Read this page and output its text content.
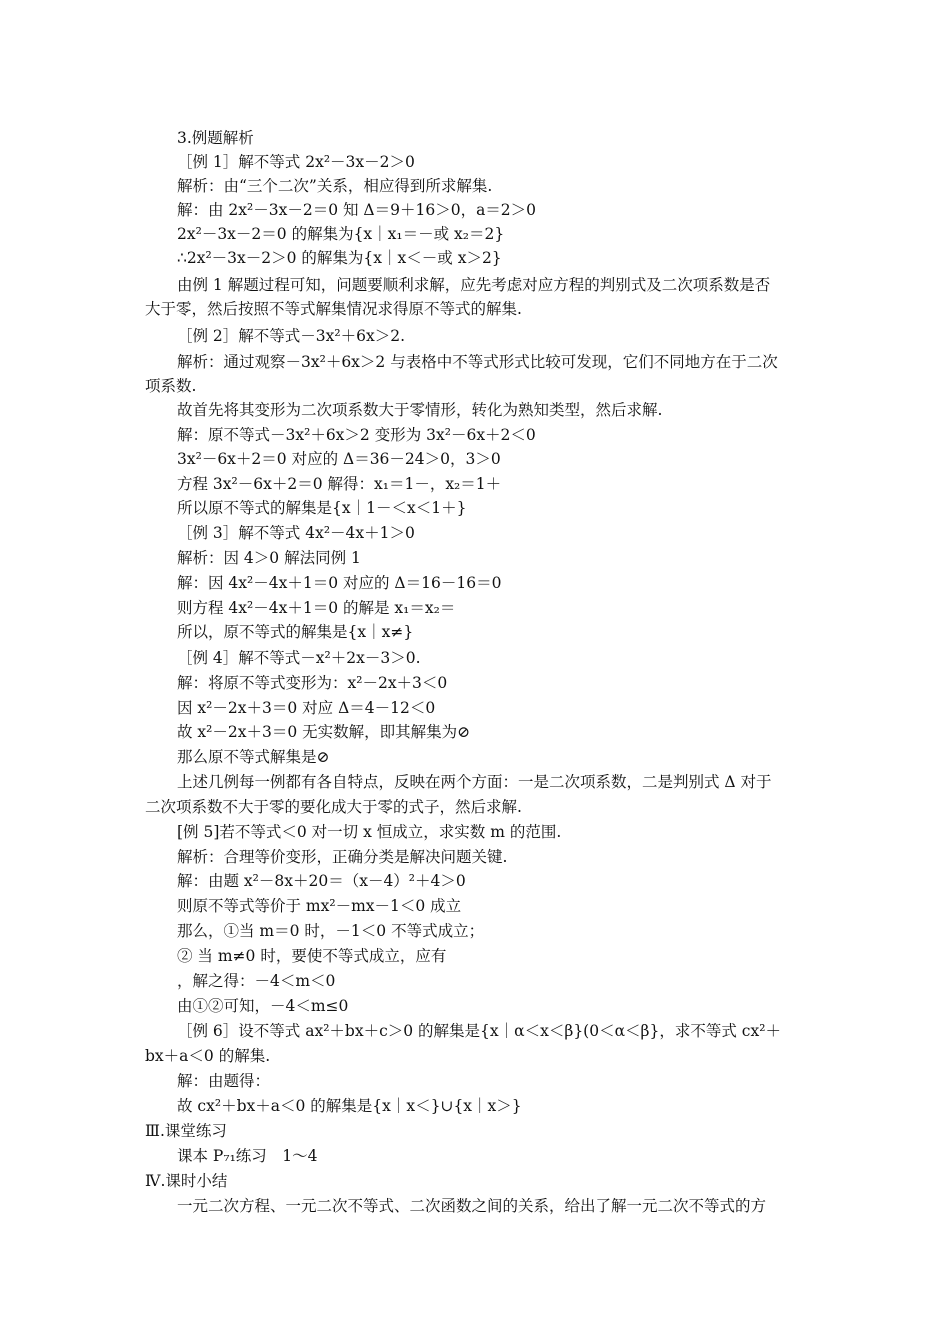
3.例题解析
［例 1］解不等式 2x²－3x－2＞0
解析：由“三个二次”关系，相应得到所求解集.
解：由 2x²－3x－2＝0 知 Δ＝9＋16＞0，a＝2＞0
2x²－3x－2＝0 的解集为{x｜x₁＝－或 x₂＝2}
∴2x²－3x－2＞0 的解集为{x｜x＜－或 x＞2}
由例 1 解题过程可知，问题要顺利求解，应先考虑对应方程的判别式及二次项系数是否
大于零，然后按照不等式解集情况求得原不等式的解集.
［例 2］解不等式－3x²＋6x＞2.
解析：通过观察－3x²＋6x＞2 与表格中不等式形式比较可发现，它们不同地方在于二次
项系数.
故首先将其变形为二次项系数大于零情形，转化为熟知类型，然后求解.
解：原不等式－3x²＋6x＞2 变形为 3x²－6x＋2＜0
3x²－6x＋2＝0 对应的 Δ＝36－24＞0，3＞0
方程 3x²－6x＋2＝0 解得：x₁＝1－，x₂＝1＋
所以原不等式的解集是{x｜1－＜x＜1＋}
［例 3］解不等式 4x²－4x＋1＞0
解析：因 4＞0 解法同例 1
解：因 4x²－4x＋1＝0 对应的 Δ＝16－16＝0
则方程 4x²－4x＋1＝0 的解是 x₁＝x₂＝
所以，原不等式的解集是{x｜x≠}
［例 4］解不等式－x²＋2x－3＞0.
解：将原不等式变形为：x²－2x＋3＜0
因 x²－2x＋3＝0 对应 Δ＝4－12＜0
故 x²－2x＋3＝0 无实数解，即其解集为⊘
那么原不等式解集是⊘
上述几例每一例都有各自特点，反映在两个方面：一是二次项系数，二是判别式 Δ 对于
二次项系数不大于零的要化成大于零的式子，然后求解.
[例 5]若不等式＜0 对一切 x 恒成立，求实数 m 的范围.
解析：合理等价变形，正确分类是解决问题关键.
解：由题 x²－8x＋20＝（x－4）²＋4＞0
则原不等式等价于 mx²－mx－1＜0 成立
那么，①当 m＝0 时，－1＜0 不等式成立；
② 当 m≠0 时，要使不等式成立，应有
，解之得：－4＜m＜0
由①②可知，－4＜m≤0
［例 6］设不等式 ax²＋bx＋c＞0 的解集是{x｜α＜x＜β}(0＜α＜β}，求不等式 cx²＋
bx＋a＜0 的解集.
解：由题得：
故 cx²＋bx＋a＜0 的解集是{x｜x＜}∪{x｜x＞}
Ⅲ.课堂练习
课本 P₇₁练习　1～4
Ⅳ.课时小结
一元二次方程、一元二次不等式、二次函数之间的关系，给出了解一元二次不等式的方
